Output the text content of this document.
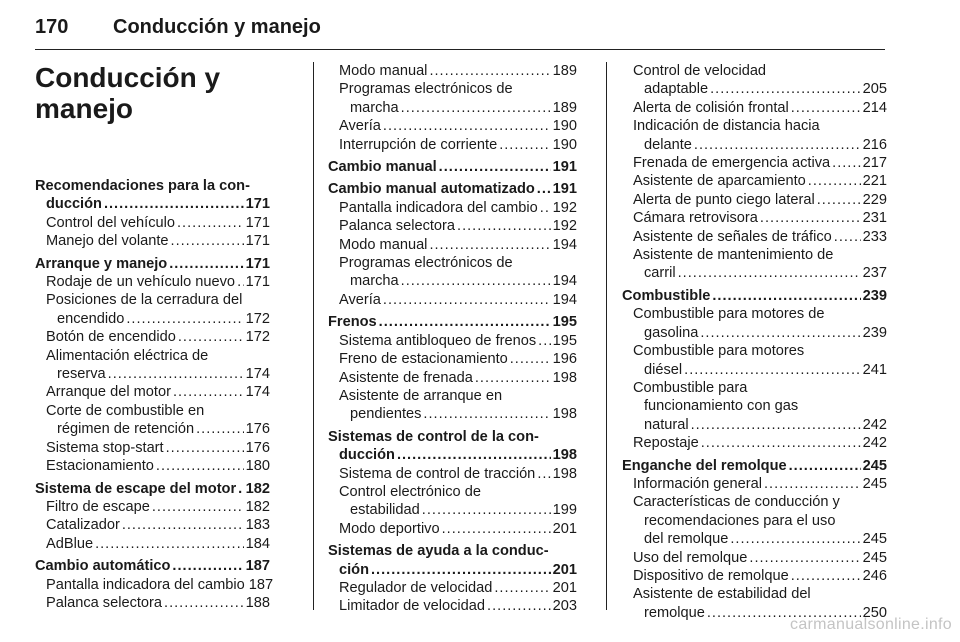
170 Conducción y manejo
Conducción y
manejo
Recomendaciones para la con-
ducción .....	171
Control del vehículo .....	171
Manejo del volante .....	171
Arranque y manejo .....	171
Rodaje de un vehículo nuevo ..... 171
Posiciones de la cerradura del
encendido .....	172
Botón de encendido .....	172
Alimentación eléctrica de
reserva .....	174
Arranque del motor .....	174
Corte de combustible en
régimen de retención .....	176
Sistema stop-start .....	176
Estacionamiento .....	180
Sistema de escape del motor ..... 182
Filtro de escape .....	182
Catalizador .....	183
AdBlue .....	184
Cambio automático .....	187
Pantalla indicadora del cambio 187
Palanca selectora .....	188
Modo manual .....	189
Programas electrónicos de
marcha .....	189
Avería .....	190
Interrupción de corriente .....	190
Cambio manual .....	191
Cambio manual automatizado ..... 191
Pantalla indicadora del cambio ..... 192
Palanca selectora .....	192
Modo manual .....	194
Programas electrónicos de
marcha .....	194
Avería .....	194
Frenos .....	195
Sistema antibloqueo de frenos ..... 195
Freno de estacionamiento .....	196
Asistente de frenada .....	198
Asistente de arranque en
pendientes .....	198
Sistemas de control de la con-
ducción .....	198
Sistema de control de tracción ..... 198
Control electrónico de
estabilidad .....	199
Modo deportivo .....	201
Sistemas de ayuda a la conduc-
ción .....	201
Regulador de velocidad .....	201
Limitador de velocidad .....	203
Control de velocidad
adaptable .....	205
Alerta de colisión frontal .....	214
Indicación de distancia hacia
delante .....	216
Frenada de emergencia activa ..... 217
Asistente de aparcamiento .....	221
Alerta de punto ciego lateral .....	229
Cámara retrovisora .....	231
Asistente de señales de tráfico ..... 233
Asistente de mantenimiento de
carril .....	237
Combustible .....	239
Combustible para motores de
gasolina .....	239
Combustible para motores
diésel .....	241
Combustible para
funcionamiento con gas
natural .....	242
Repostaje .....	242
Enganche del remolque .....	245
Información general .....	245
Características de conducción y
recomendaciones para el uso
del remolque .....	245
Uso del remolque .....	245
Dispositivo de remolque .....	246
Asistente de estabilidad del
remolque .....	250
carmanualsonline.info
